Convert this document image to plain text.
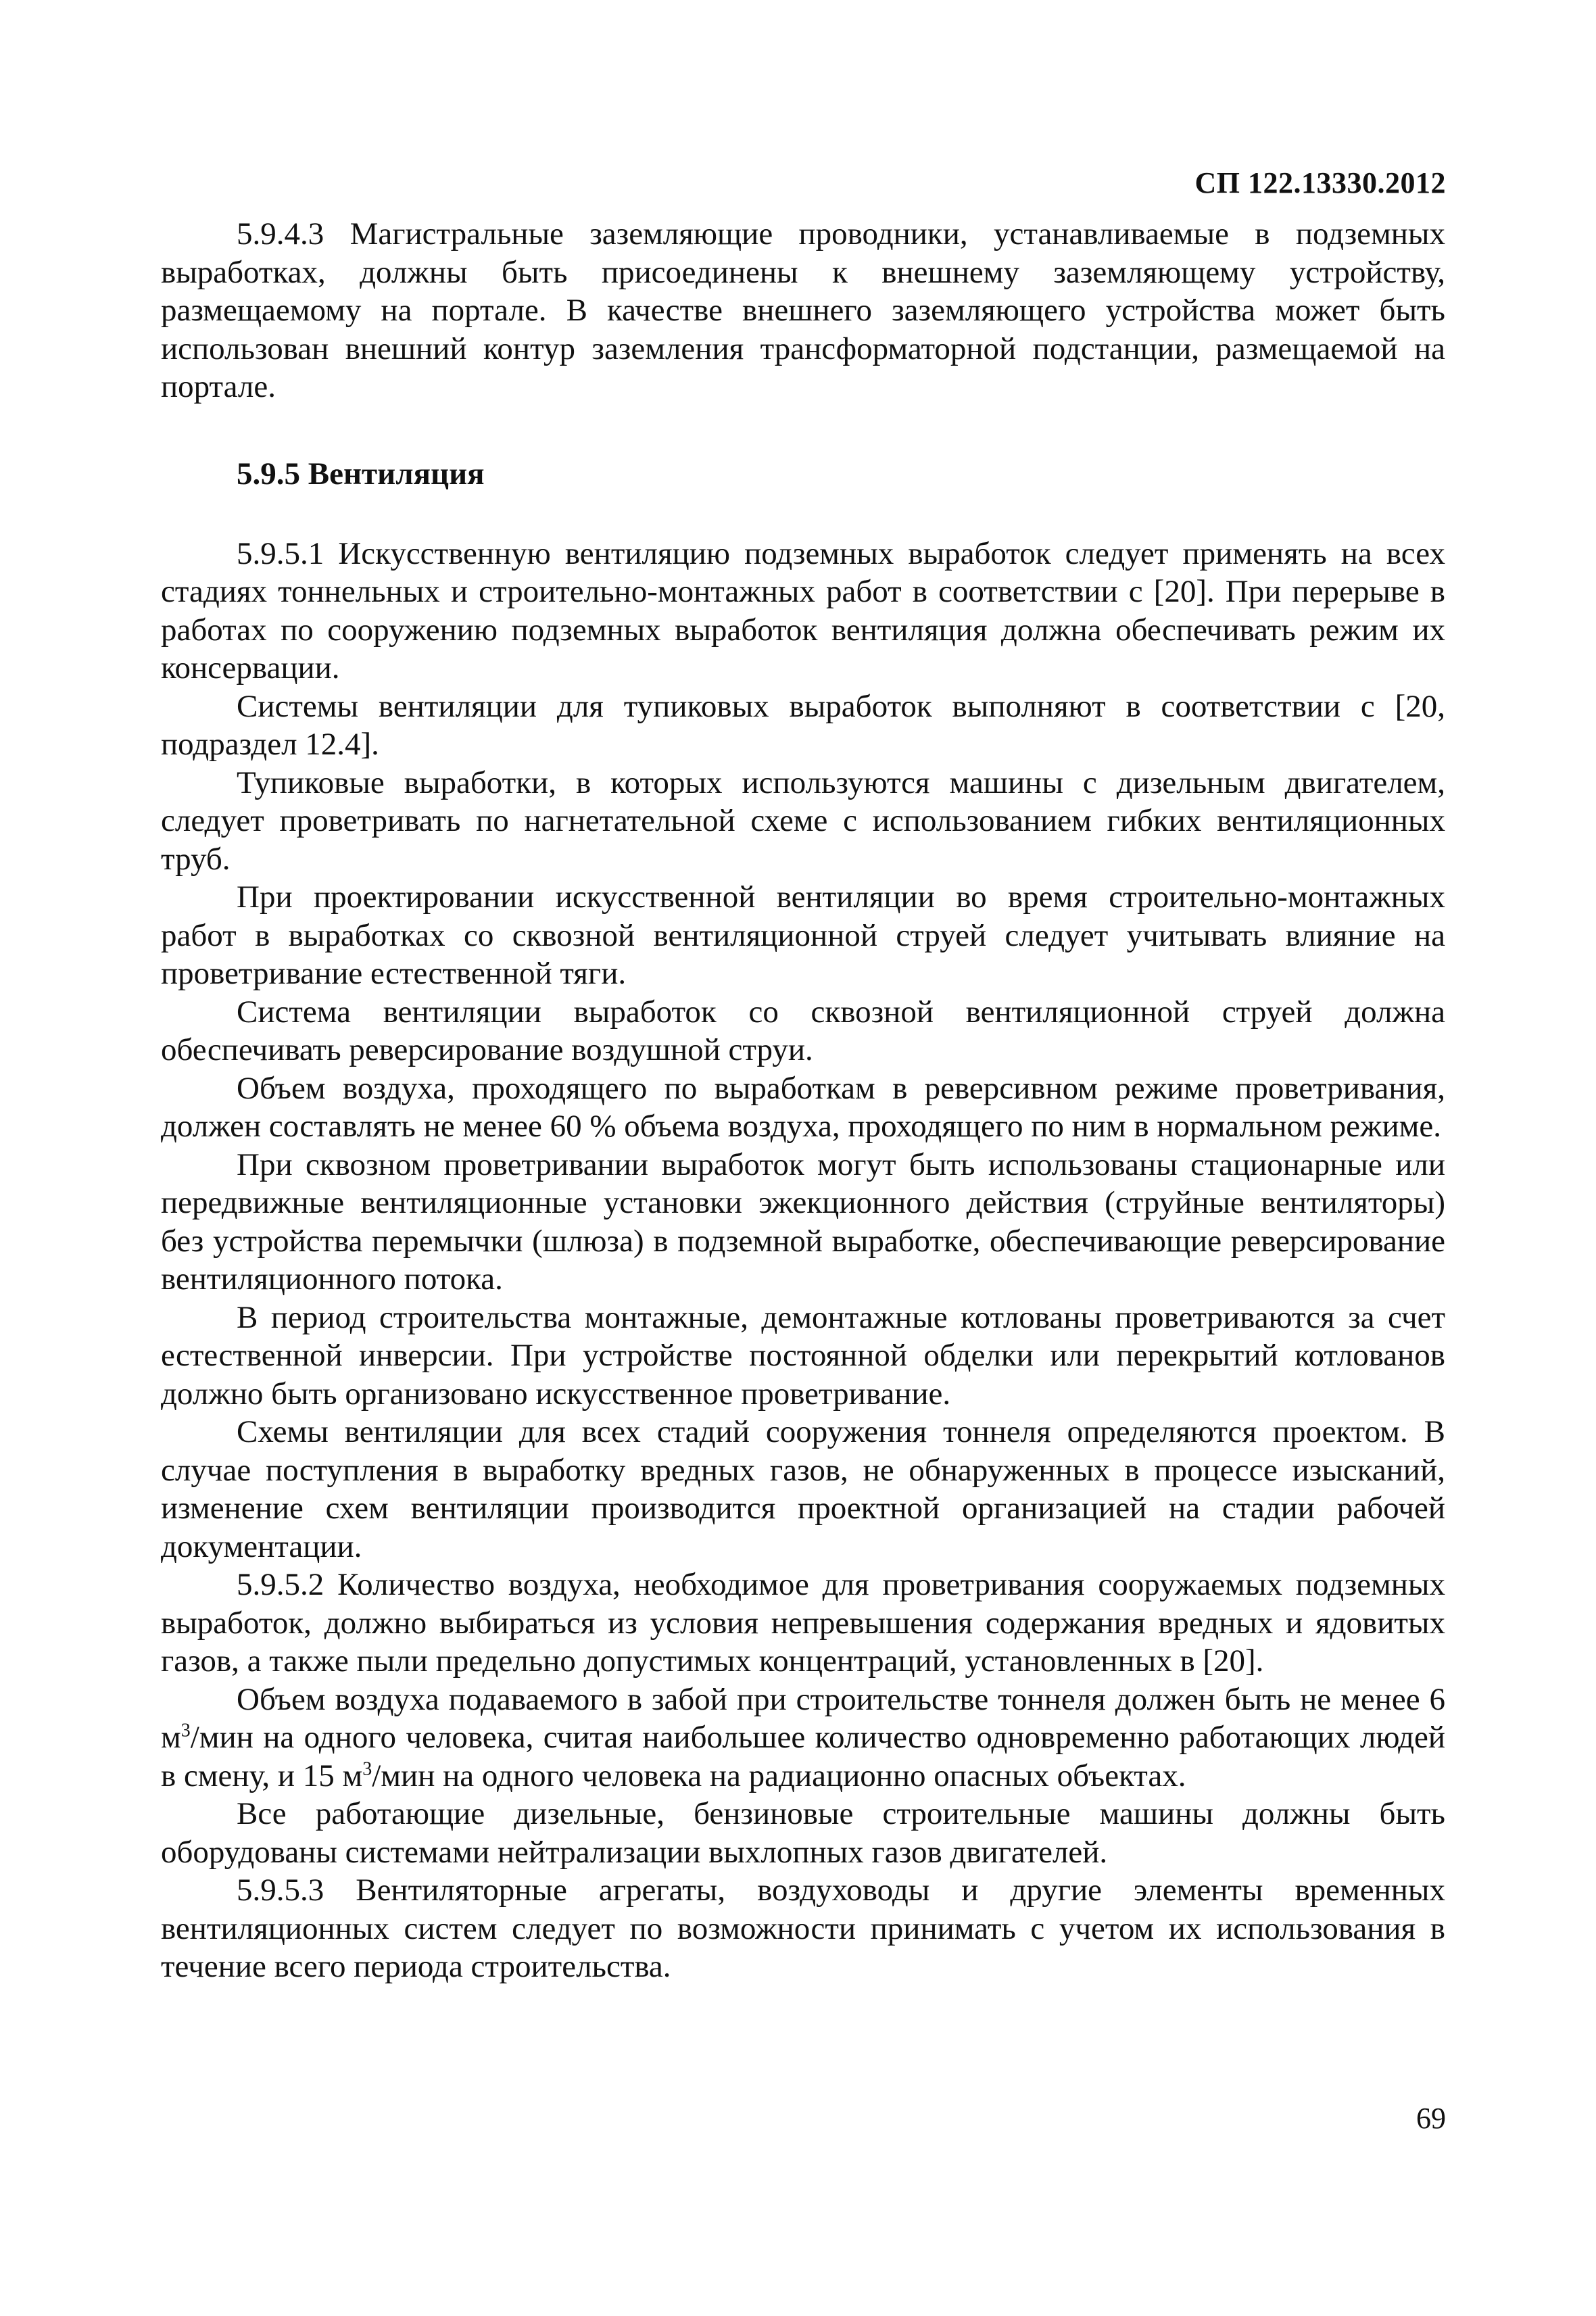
СП 122.13330.2012

5.9.4.3 Магистральные заземляющие проводники, устанавливаемые в подземных выработках, должны быть присоединены к внешнему заземляющему устройству, размещаемому на портале. В качестве внешнего заземляющего устройства может быть использован внешний контур заземления трансформаторной подстанции, размещаемой на портале.

5.9.5 Вентиляция

5.9.5.1 Искусственную вентиляцию подземных выработок следует применять на всех стадиях тоннельных и строительно-монтажных работ в соответствии с [20]. При перерыве в работах по сооружению подземных выработок вентиляция должна обеспечивать режим их консервации.

Системы вентиляции для тупиковых выработок выполняют в соответствии с [20, подраздел 12.4].

Тупиковые выработки, в которых используются машины с дизельным двигателем, следует проветривать по нагнетательной схеме с использованием гибких вентиляционных труб.

При проектировании искусственной вентиляции во время строительно-монтажных работ в выработках со сквозной вентиляционной струей следует учитывать влияние на проветривание естественной тяги.

Система вентиляции выработок со сквозной вентиляционной струей должна обеспечивать реверсирование воздушной струи.

Объем воздуха, проходящего по выработкам в реверсивном режиме проветривания, должен составлять не менее 60 % объема воздуха, проходящего по ним в нормальном режиме.

При сквозном проветривании выработок могут быть использованы стационарные или передвижные вентиляционные установки эжекционного действия (струйные вентиляторы) без устройства перемычки (шлюза) в подземной выработке, обеспечивающие реверсирование вентиляционного потока.

В период строительства монтажные, демонтажные котлованы проветриваются за счет естественной инверсии. При устройстве постоянной обделки или перекрытий котлованов должно быть организовано искусственное проветривание.

Схемы вентиляции для всех стадий сооружения тоннеля определяются проектом. В случае поступления в выработку вредных газов, не обнаруженных в процессе изысканий, изменение схем вентиляции производится проектной организацией на стадии рабочей документации.

5.9.5.2 Количество воздуха, необходимое для проветривания сооружаемых подземных выработок, должно выбираться из условия непревышения содержания вредных и ядовитых газов, а также пыли предельно допустимых концентраций, установленных в [20].

Объем воздуха подаваемого в забой при строительстве тоннеля должен быть не менее 6 $м^3$/мин на одного человека, считая наибольшее количество одновременно работающих людей в смену, и 15 $м^3$/мин на одного человека на радиационно опасных объектах.

Все работающие дизельные, бензиновые строительные машины должны быть оборудованы системами нейтрализации выхлопных газов двигателей.

5.9.5.3 Вентиляторные агрегаты, воздуховоды и другие элементы временных вентиляционных систем следует по возможности принимать с учетом их использования в течение всего периода строительства.

69
